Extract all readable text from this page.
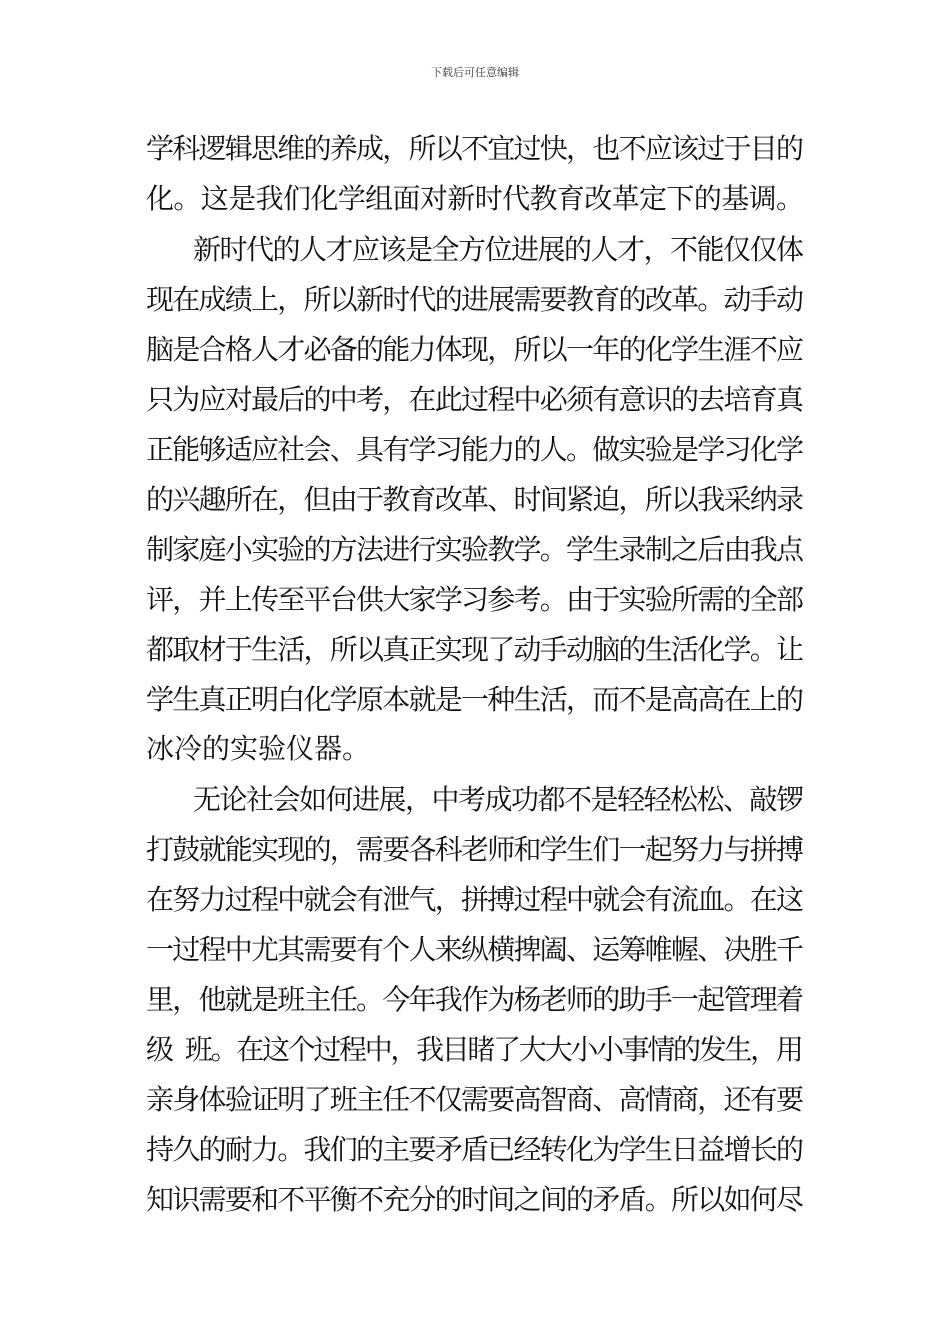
下载后可任意编辑
学科逻辑思维的养成，所以不宜过快，也不应该过于目的
化。这是我们化学组面对新时代教育改革定下的基调。
新时代的人才应该是全方位进展的人才，不能仅仅体
现在成绩上，所以新时代的进展需要教育的改革。动手动
脑是合格人才必备的能力体现，所以一年的化学生涯不应
只为应对最后的中考，在此过程中必须有意识的去培育真
正能够适应社会、具有学习能力的人。做实验是学习化学
的兴趣所在，但由于教育改革、时间紧迫，所以我采纳录
制家庭小实验的方法进行实验教学。学生录制之后由我点
评，并上传至平台供大家学习参考。由于实验所需的全部
都取材于生活，所以真正实现了动手动脑的生活化学。让
学生真正明白化学原本就是一种生活，而不是高高在上的
冰冷的实验仪器。
无论社会如何进展，中考成功都不是轻轻松松、敲锣
打鼓就能实现的，需要各科老师和学生们一起努力与拼搏
在努力过程中就会有泄气，拼搏过程中就会有流血。在这
一过程中尤其需要有个人来纵横捭阖、运筹帷幄、决胜千
里，他就是班主任。今年我作为杨老师的助手一起管理着
级  班。在这个过程中，我目睹了大大小小事情的发生，用
亲身体验证明了班主任不仅需要高智商、高情商，还有要
持久的耐力。我们的主要矛盾已经转化为学生日益增长的
知识需要和不平衡不充分的时间之间的矛盾。所以如何尽
